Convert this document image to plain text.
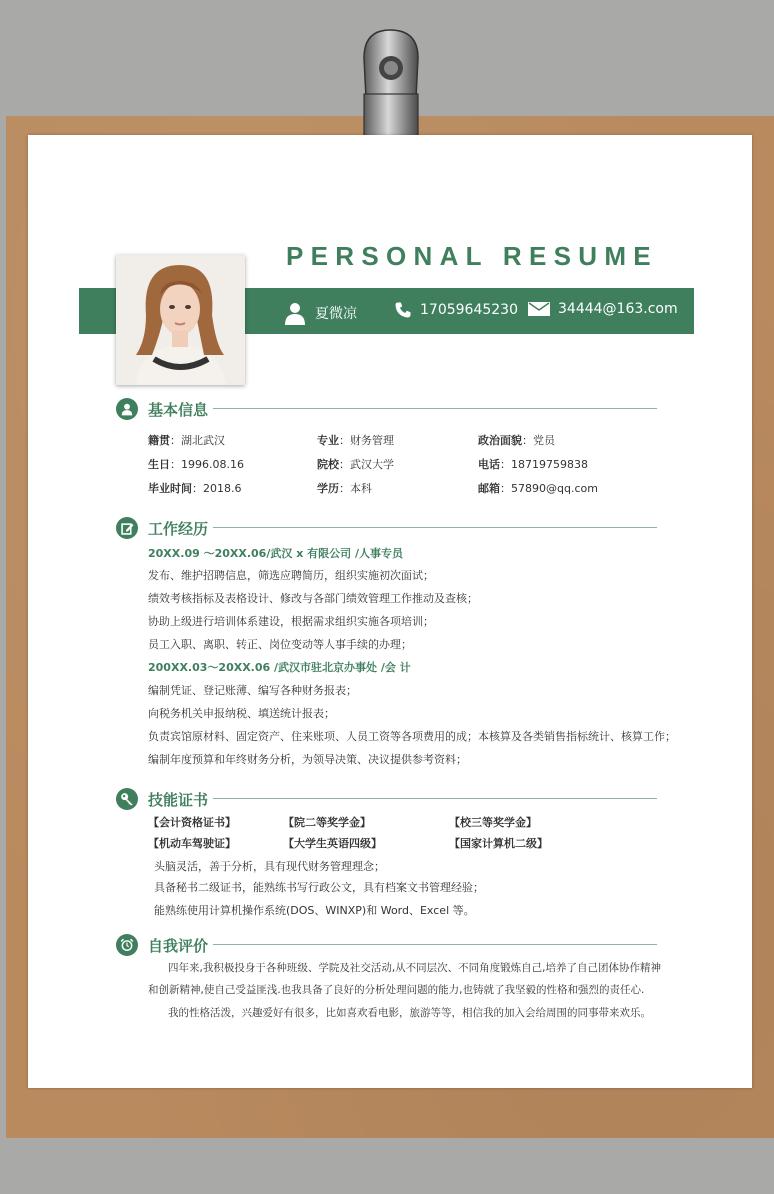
PERSONAL RESUME
夏微凉	17059645230	34444@163.com
基本信息
籍贯：湖北武汉	专业：财务管理	政治面貌：党员
生日：1996.08.16	院校：武汉大学	电话：18719759838
毕业时间：2018.6	学历：本科	邮箱：57890@qq.com
工作经历
20XX.09 ～20XX.06/武汉 x 有限公司 /人事专员
发布、维护招聘信息，筛选应聘简历，组织实施初次面试；
绩效考核指标及表格设计、修改与各部门绩效管理工作推动及查核；
协助上级进行培训体系建设，根据需求组织实施各项培训；
员工入职、离职、转正、岗位变动等人事手续的办理；
200XX.03～20XX.06 /武汉市驻北京办事处 /会 计
编制凭证、登记账薄、编写各种财务报表；
向税务机关申报纳税、填送统计报表；
负责宾馆原材料、固定资产、住来账项、人员工资等各项费用的成；本核算及各类销售指标统计、核算工作；
编制年度预算和年终财务分析，为领导决策、决议提供参考资料；
技能证书
【会计资格证书】	【院二等奖学金】	【校三等奖学金】
【机动车驾驶证】	【大学生英语四级】	【国家计算机二级】
头脑灵活，善于分析，具有现代财务管理理念；
具备秘书二级证书，能熟练书写行政公文，具有档案文书管理经验；
能熟练使用计算机操作系统(DOS、WINXP)和 Word、Excel 等。
自我评价
四年来,我积极投身于各种班级、学院及社交活动,从不同层次、不同角度锻炼自己,培养了自己团体协作精神
和创新精神,使自己受益匪浅.也我具备了良好的分析处理问题的能力,也铸就了我坚毅的性格和强烈的责任心.
我的性格活泼，兴趣爱好有很多，比如喜欢看电影，旅游等等，相信我的加入会给周围的同事带来欢乐。
